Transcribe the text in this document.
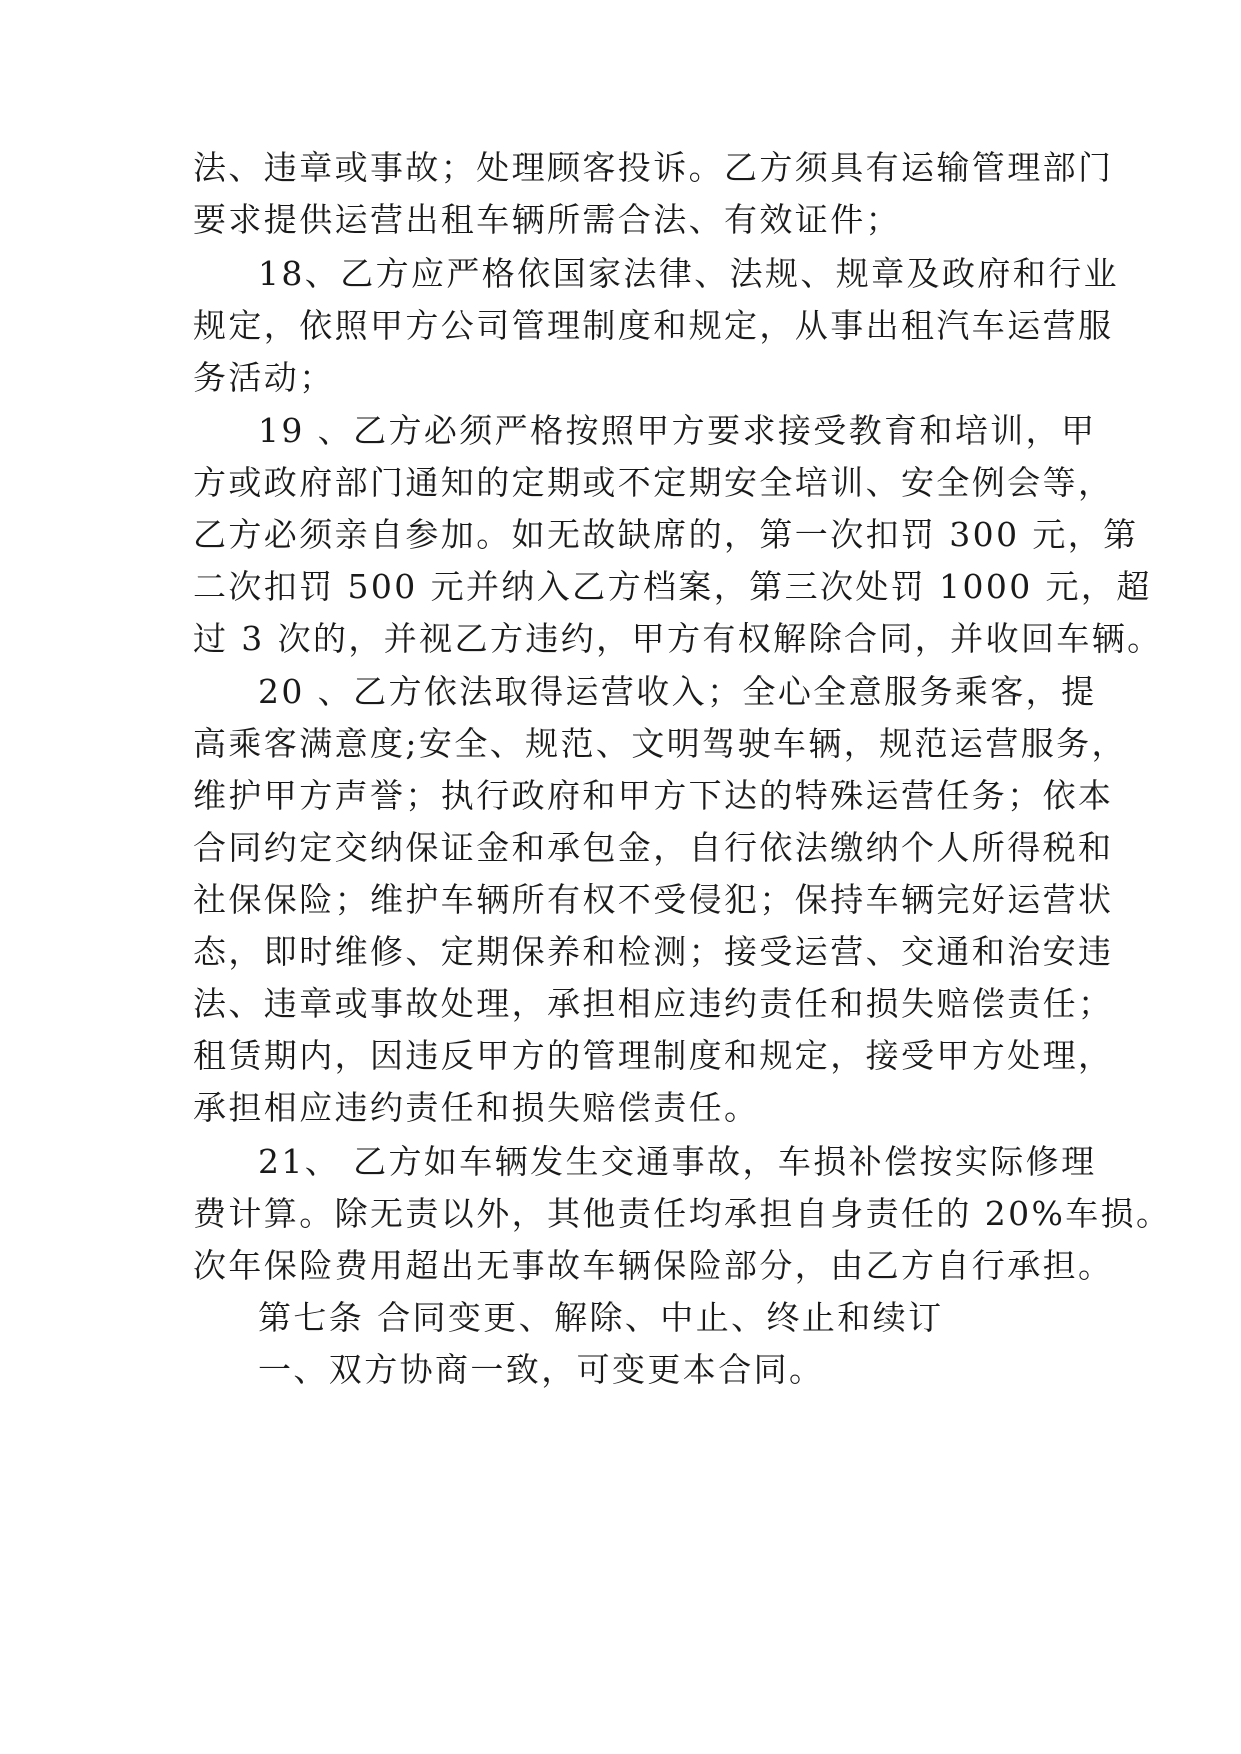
法、违章或事故；处理顾客投诉。乙方须具有运输管理部门
要求提供运营出租车辆所需合法、有效证件；
18、乙方应严格依国家法律、法规、规章及政府和行业
规定，依照甲方公司管理制度和规定，从事出租汽车运营服
务活动；
19 、乙方必须严格按照甲方要求接受教育和培训，甲
方或政府部门通知的定期或不定期安全培训、安全例会等，
乙方必须亲自参加。如无故缺席的，第一次扣罚 300 元，第
二次扣罚 500 元并纳入乙方档案，第三次处罚 1000 元，超
过 3 次的，并视乙方违约，甲方有权解除合同，并收回车辆。
20 、乙方依法取得运营收入；全心全意服务乘客，提
高乘客满意度;安全、规范、文明驾驶车辆，规范运营服务，
维护甲方声誉；执行政府和甲方下达的特殊运营任务；依本
合同约定交纳保证金和承包金，自行依法缴纳个人所得税和
社保保险；维护车辆所有权不受侵犯；保持车辆完好运营状
态，即时维修、定期保养和检测；接受运营、交通和治安违
法、违章或事故处理，承担相应违约责任和损失赔偿责任；
租赁期内，因违反甲方的管理制度和规定，接受甲方处理，
承担相应违约责任和损失赔偿责任。
21、 乙方如车辆发生交通事故，车损补偿按实际修理
费计算。除无责以外，其他责任均承担自身责任的 20%车损。
次年保险费用超出无事故车辆保险部分，由乙方自行承担。
第七条 合同变更、解除、中止、终止和续订
一、双方协商一致，可变更本合同。
